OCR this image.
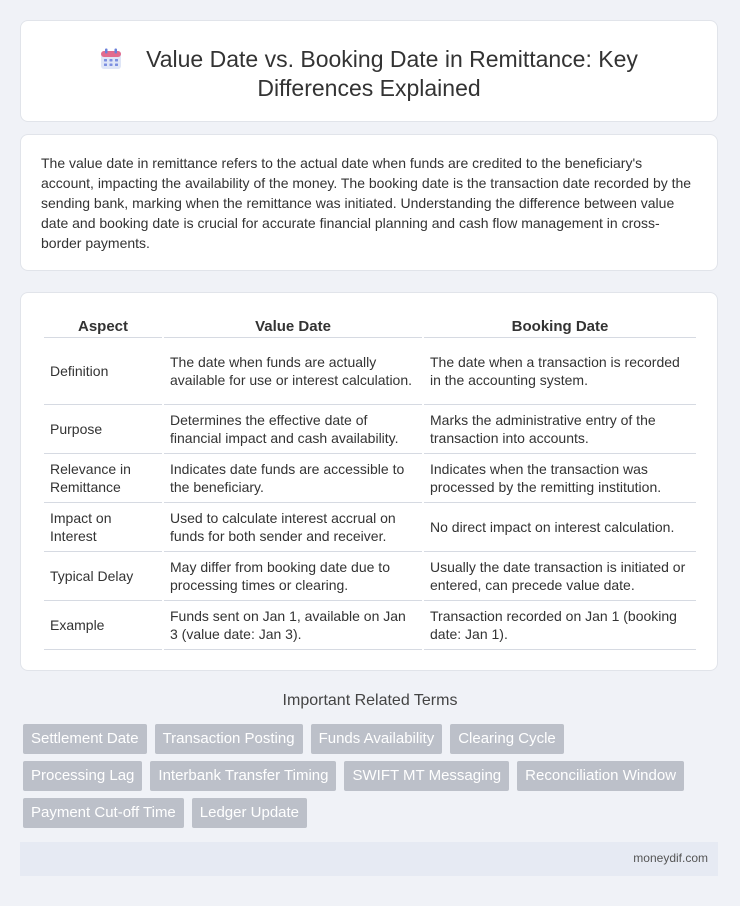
Value Date vs. Booking Date in Remittance: Key Differences Explained
The value date in remittance refers to the actual date when funds are credited to the beneficiary's account, impacting the availability of the money. The booking date is the transaction date recorded by the sending bank, marking when the remittance was initiated. Understanding the difference between value date and booking date is crucial for accurate financial planning and cash flow management in cross-border payments.
Aspect	Value Date	Booking Date
Definition	The date when funds are actually available for use or interest calculation.	The date when a transaction is recorded in the accounting system.
Purpose	Determines the effective date of financial impact and cash availability.	Marks the administrative entry of the transaction into accounts.
Relevance in Remittance	Indicates date funds are accessible to the beneficiary.	Indicates when the transaction was processed by the remitting institution.
Impact on Interest	Used to calculate interest accrual on funds for both sender and receiver.	No direct impact on interest calculation.
Typical Delay	May differ from booking date due to processing times or clearing.	Usually the date transaction is initiated or entered, can precede value date.
Example	Funds sent on Jan 1, available on Jan 3 (value date: Jan 3).	Transaction recorded on Jan 1 (booking date: Jan 1).
Important Related Terms
Settlement Date	Transaction Posting	Funds Availability	Clearing Cycle
Processing Lag	Interbank Transfer Timing	SWIFT MT Messaging	Reconciliation Window
Payment Cut-off Time	Ledger Update
moneydif.com
